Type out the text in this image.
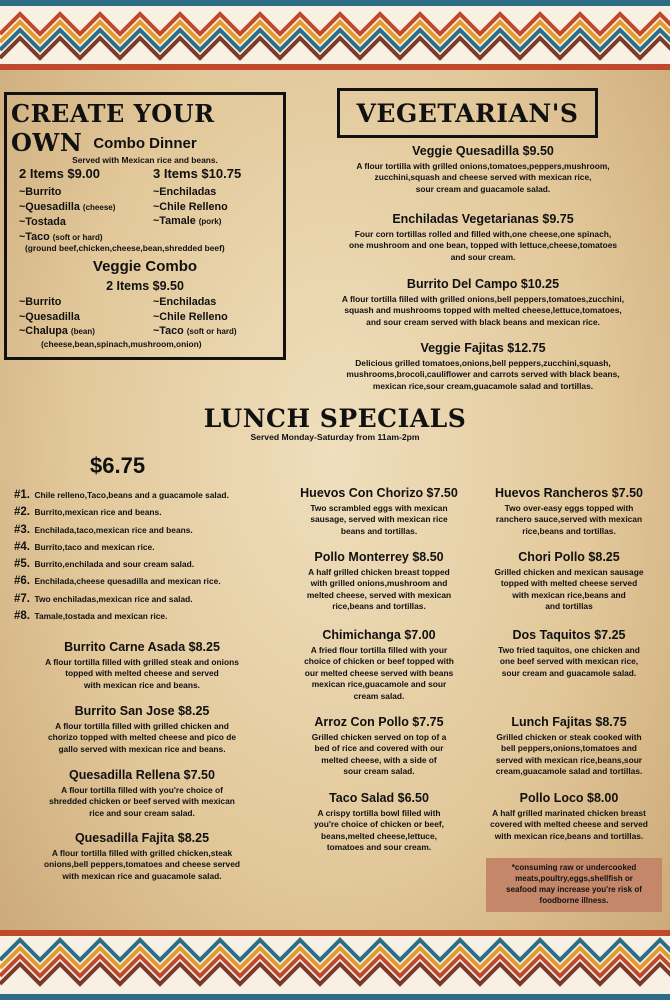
CREATE YOUR OWN Combo Dinner
Served with Mexican rice and beans.
2 Items $9.00	3 Items $10.75
~Burrito
~Quesadilla (cheese)
~Tostada
~Taco (soft or hard)
~Enchiladas
~Chile Relleno
~Tamale (pork)
(ground beef,chicken,cheese,bean,shredded beef)
Veggie Combo
2 Items $9.50
~Burrito
~Quesadilla
~Chalupa (bean)
~Enchiladas
~Chile Relleno
~Taco (soft or hard)
(cheese,bean,spinach,mushroom,onion)
VEGETARIAN'S
Veggie Quesadilla $9.50
A flour tortilla with grilled onions,tomatoes,peppers,mushroom,
zucchini,squash and cheese served with mexican rice,
sour cream and guacamole salad.
Enchiladas Vegetarianas $9.75
Four corn tortillas rolled and filled with,one cheese,one spinach,
one mushroom and one bean, topped with lettuce,cheese,tomatoes
and sour cream.
Burrito Del Campo $10.25
A flour tortilla filled with grilled onions,bell peppers,tomatoes,zucchini,
squash and mushrooms topped with melted cheese,lettuce,tomatoes,
and sour cream served with black beans and mexican rice.
Veggie Fajitas $12.75
Delicious grilled tomatoes,onions,bell peppers,zucchini,squash,
mushrooms,brocoli,cauliflower and carrots served with black beans,
mexican rice,sour cream,guacamole salad and tortillas.
LUNCH SPECIALS
Served Monday-Saturday from 11am-2pm
$6.75
#1. Chile relleno,Taco,beans and a guacamole salad.
#2. Burrito,mexican rice and beans.
#3. Enchilada,taco,mexican rice and beans.
#4. Burrito,taco and mexican rice.
#5. Burrito,enchilada and sour cream salad.
#6. Enchilada,cheese quesadilla and mexican rice.
#7. Two enchiladas,mexican rice and salad.
#8. Tamale,tostada and mexican rice.
Burrito Carne Asada $8.25
A flour tortilla filled with grilled steak and onions
topped with melted cheese and served
with mexican rice and beans.
Burrito San Jose $8.25
A flour tortilla filled with grilled chicken and
chorizo topped with melted cheese and pico de
gallo served with mexican rice and beans.
Quesadilla Rellena $7.50
A flour tortilla filled with you're choice of
shredded chicken or beef served with mexican
rice and sour cream salad.
Quesadilla Fajita $8.25
A flour tortilla filled with grilled chicken,steak
onions,bell peppers,tomatoes and cheese served
with mexican rice and guacamole salad.
Huevos Con Chorizo $7.50
Two scrambled eggs with mexican
sausage, served with mexican rice
beans and tortillas.
Pollo Monterrey $8.50
A half grilled chicken breast topped
with grilled onions,mushroom and
melted cheese, served with mexican
rice,beans and tortillas.
Chimichanga $7.00
A fried flour tortilla filled with your
choice of chicken or beef topped with
our melted cheese served with beans
mexican rice,guacamole and sour
cream salad.
Arroz Con Pollo $7.75
Grilled chicken served on top of a
bed of rice and covered with our
melted cheese, with a side of
sour cream salad.
Taco Salad $6.50
A crispy tortilla bowl filled with
you're choice of chicken or beef,
beans,melted cheese,lettuce,
tomatoes and sour cream.
Huevos Rancheros $7.50
Two over-easy eggs topped with
ranchero sauce,served with mexican
rice,beans and tortillas.
Chori Pollo $8.25
Grilled chicken and mexican sausage
topped with melted cheese served
with mexican rice,beans and
and tortillas
Dos Taquitos $7.25
Two fried taquitos, one chicken and
one beef served with mexican rice,
sour cream and guacamole salad.
Lunch Fajitas $8.75
Grilled chicken or steak cooked with
bell peppers,onions,tomatoes and
served with mexican rice,beans,sour
cream,guacamole salad and tortillas.
Pollo Loco $8.00
A half grilled marinated chicken breast
covered with melted cheese and served
with mexican rice,beans and tortillas.
*consuming raw or undercooked
meats,poultry,eggs,shellfish or
seafood may increase you're risk of
foodborne illness.
